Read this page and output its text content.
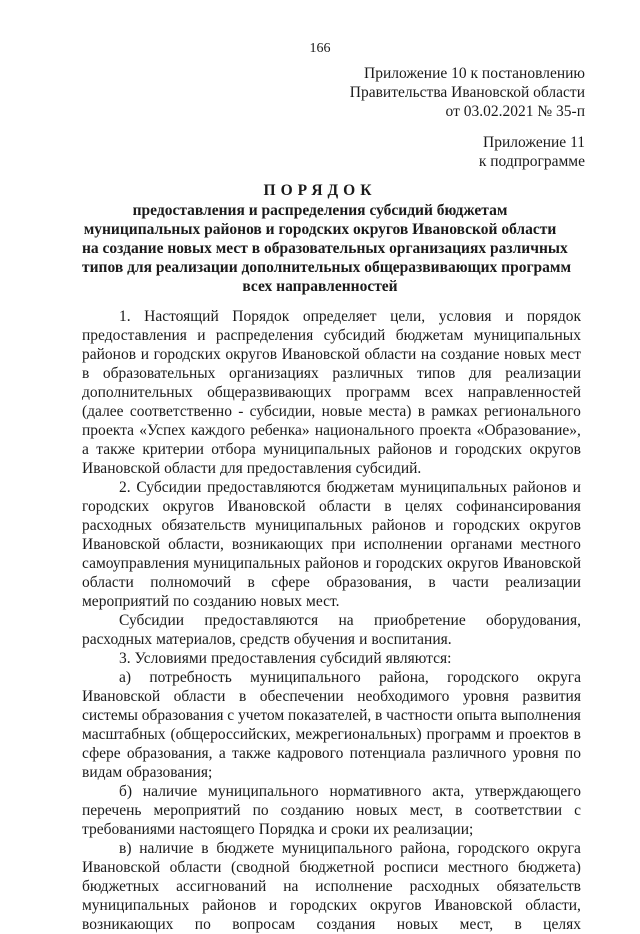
166
Приложение 10 к постановлению
Правительства Ивановской области
от 03.02.2021 № 35-п
Приложение 11
к подпрограмме
ПОРЯДОК
предоставления и распределения субсидий бюджетам
муниципальных районов и городских округов Ивановской области
на создание новых мест в образовательных организациях различных
типов для реализации дополнительных общеразвивающих программ
всех направленностей
1. Настоящий Порядок определяет цели, условия и порядок
предоставления и распределения субсидий бюджетам муниципальных
районов и городских округов Ивановской области на создание новых мест
в образовательных организациях различных типов для реализации
дополнительных общеразвивающих программ всех направленностей
(далее соответственно - субсидии, новые места) в рамках регионального
проекта «Успех каждого ребенка» национального проекта «Образование»,
а также критерии отбора муниципальных районов и городских округов
Ивановской области для предоставления субсидий.
2. Субсидии предоставляются бюджетам муниципальных районов и
городских округов Ивановской области в целях софинансирования
расходных обязательств муниципальных районов и городских округов
Ивановской области, возникающих при исполнении органами местного
самоуправления муниципальных районов и городских округов Ивановской
области полномочий в сфере образования, в части реализации
мероприятий по созданию новых мест.
Субсидии предоставляются на приобретение оборудования,
расходных материалов, средств обучения и воспитания.
3. Условиями предоставления субсидий являются:
а) потребность муниципального района, городского округа
Ивановской области в обеспечении необходимого уровня развития
системы образования с учетом показателей, в частности опыта выполнения
масштабных (общероссийских, межрегиональных) программ и проектов в
сфере образования, а также кадрового потенциала различного уровня по
видам образования;
б) наличие муниципального нормативного акта, утверждающего
перечень мероприятий по созданию новых мест, в соответствии с
требованиями настоящего Порядка и сроки их реализации;
в) наличие в бюджете муниципального района, городского округа
Ивановской области (сводной бюджетной росписи местного бюджета)
бюджетных ассигнований на исполнение расходных обязательств
муниципальных районов и городских округов Ивановской области,
возникающих по вопросам создания новых мест, в целях
